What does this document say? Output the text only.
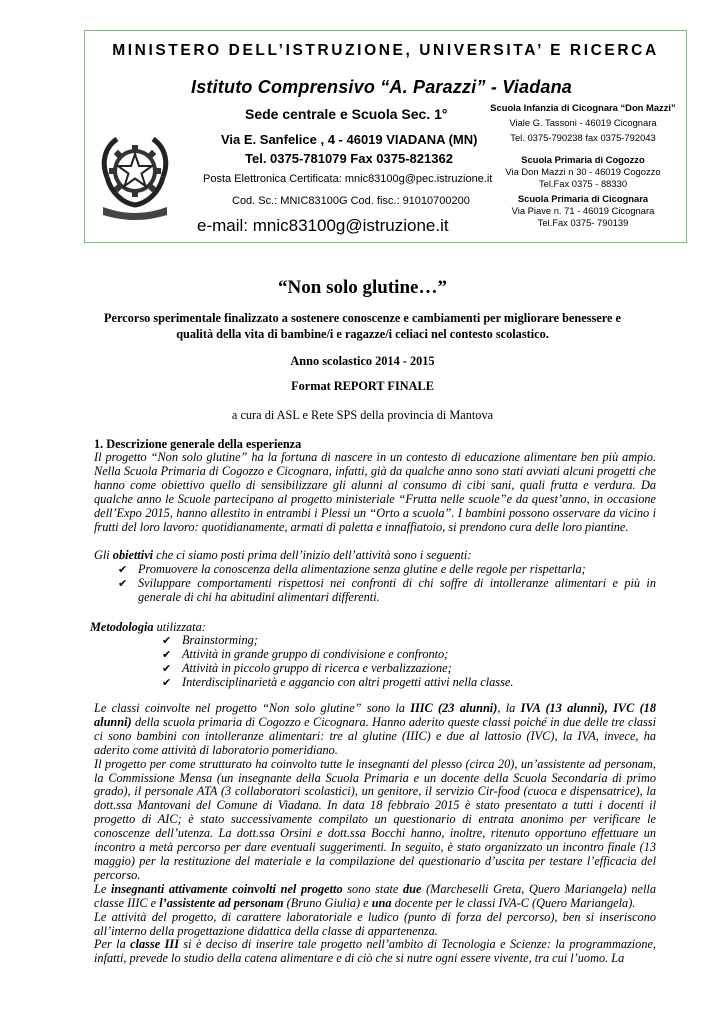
MINISTERO DELL’ISTRUZIONE, UNIVERSITA’ E RICERCA
Istituto Comprensivo “A. Parazzi” - Viadana
Sede centrale e Scuola Sec. 1°
Via E. Sanfelice , 4 - 46019 VIADANA (MN)
Tel. 0375-781079 Fax 0375-821362
Posta Elettronica Certificata: mnic83100g@pec.istruzione.it
Cod. Sc.: MNIC83100G Cod. fisc.: 91010700200
e-mail: mnic83100g@istruzione.it
Scuola Infanzia di Cicognara “Don Mazzi”
Viale G. Tassoni - 46019 Cicognara
Tel. 0375-790238 fax 0375-792043
Scuola Primaria di Cogozzo
Via Don Mazzi n 30 - 46019 Cogozzo
Tel.Fax 0375 - 88330
Scuola Primaria di Cicognara
Via Piave n. 71 - 46019 Cicognara
Tel.Fax 0375- 790139
“Non solo glutine…”
Percorso sperimentale finalizzato a sostenere conoscenze e cambiamenti per migliorare benessere e qualità della vita di bambine/i e ragazze/i celiaci nel contesto scolastico.
Anno scolastico 2014 - 2015
Format REPORT FINALE
a cura di ASL e Rete SPS della provincia di Mantova
1. Descrizione generale della esperienza

Il progetto “Non solo glutine” ha la fortuna di nascere in un contesto di educazione alimentare ben più ampio. Nella Scuola Primaria di Cogozzo e Cicognara, infatti, già da qualche anno sono stati avviati alcuni progetti che hanno come obiettivo quello di sensibilizzare gli alunni al consumo di cibi sani, quali frutta e verdura. Da qualche anno le Scuole partecipano al progetto ministeriale “Frutta nelle scuole”e da quest’anno, in occasione dell’Expo 2015, hanno allestito in entrambi i Plessi un “Orto a scuola”. I bambini possono osservare da vicino i frutti del loro lavoro: quotidianamente, armati di paletta e innaffiatoio, si prendono cura delle loro piantine.

Gli obiettivi che ci siamo posti prima dell’inizio dell’attività sono i seguenti:

✔ Promuovere la conoscenza della alimentazione senza glutine e delle regole per rispettarla;
✔ Sviluppare comportamenti rispettosi nei confronti di chi soffre di intolleranze alimentari e più in generale di chi ha abitudini alimentari differenti.
Metodologia utilizzata:
✔ Brainstorming;
✔ Attività in grande gruppo di condivisione e confronto;
✔ Attività in piccolo gruppo di ricerca e verbalizzazione;
✔ Interdisciplinarietà e aggancio con altri progetti attivi nella classe.
Le classi coinvolte nel progetto “Non solo glutine” sono la IIIC (23 alunni), la IVA (13 alunni), IVC (18 alunni) della scuola primaria di Cogozzo e Cicognara. Hanno aderito queste classi poiché in due delle tre classi ci sono bambini con intolleranze alimentari: tre al glutine (IIIC) e due al lattosio (IVC), la IVA, invece, ha aderito come attività di laboratorio pomeridiano.
Il progetto per come strutturato ha coinvolto tutte le insegnanti del plesso (circa 20), un’assistente ad personam, la Commissione Mensa (un insegnante della Scuola Primaria e un docente della Scuola Secondaria di primo grado), il personale ATA (3 collaboratori scolastici), un genitore, il servizio Cir-food (cuoca e dispensatrice), la dott.ssa Mantovani del Comune di Viadana. In data 18 febbraio 2015 è stato presentato a tutti i docenti il progetto di AIC; è stato successivamente compilato un questionario di entrata anonimo per verificare le conoscenze dell’utenza. La dott.ssa Orsini e dott.ssa Bocchi hanno, inoltre, ritenuto opportuno effettuare un incontro a metà percorso per dare eventuali suggerimenti. In seguito, è stato organizzato un incontro finale (13 maggio) per la restituzione del materiale e la compilazione del questionario d’uscita per testare l’efficacia del percorso.
Le insegnanti attivamente coinvolti nel progetto sono state due (Marcheselli Greta, Quero Mariangela) nella classe IIIC e l’assistente ad personam (Bruno Giulia) e una docente per le classi IVA-C (Quero Mariangela).
Le attività del progetto, di carattere laboratoriale e ludico (punto di forza del percorso), ben si inseriscono all’interno della progettazione didattica della classe di appartenenza.
Per la classe III si è deciso di inserire tale progetto nell’ambito di Tecnologia e Scienze: la programmazione, infatti, prevede lo studio della catena alimentare e di ciò che si nutre ogni essere vivente, tra cui l’uomo. La
